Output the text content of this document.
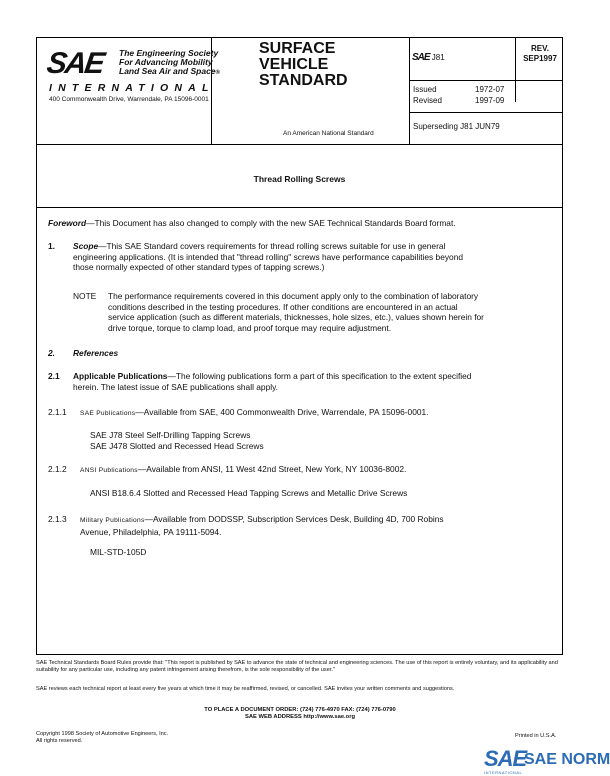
SAE The Engineering Society
For Advancing Mobility
Land Sea Air and Space®
INTERNATIONAL
400 Commonwealth Drive, Warrendale, PA 15096-0001
SURFACE
VEHICLE
STANDARD
An American National Standard
SAE J81
REV.
SEP1997
Issued	1972-07
Revised	1997-09
Superseding J81 JUN79
Thread Rolling Screws
Foreword—This Document has also changed to comply with the new SAE Technical Standards Board format.
1. Scope—This SAE Standard covers requirements for thread rolling screws suitable for use in general
engineering applications. (It is intended that "thread rolling" screws have performance capabilities beyond
those normally expected of other standard types of tapping screws.)
NOTE The performance requirements covered in this document apply only to the combination of laboratory
conditions described in the testing procedures. If other conditions are encountered in an actual
service application (such as different materials, thicknesses, hole sizes, etc.), values shown herein for
drive torque, torque to clamp load, and proof torque may require adjustment.
2. References
2.1 Applicable Publications—The following publications form a part of this specification to the extent specified
herein. The latest issue of SAE publications shall apply.
2.1.1 SAE Publications—Available from SAE, 400 Commonwealth Drive, Warrendale, PA 15096-0001.
SAE J78 Steel Self-Drilling Tapping Screws
SAE J478 Slotted and Recessed Head Screws
2.1.2 ANSI Publications—Available from ANSI, 11 West 42nd Street, New York, NY 10036-8002.
ANSI B18.6.4 Slotted and Recessed Head Tapping Screws and Metallic Drive Screws
2.1.3 Military Publications—Available from DODSSP, Subscription Services Desk, Building 4D, 700 Robins
Avenue, Philadelphia, PA 19111-5094.
MIL-STD-105D
SAE Technical Standards Board Rules provide that: "This report is published by SAE to advance the state of technical and engineering sciences. The use of this report is entirely voluntary, and its applicability and suitability for any particular use, including any patent infringement arising therefrom, is the sole responsibility of the user."
SAE reviews each technical report at least every five years at which time it may be reaffirmed, revised, or cancelled. SAE invites your written comments and suggestions.
TO PLACE A DOCUMENT ORDER: (724) 776-4970 FAX: (724) 776-0790
SAE WEB ADDRESS http://www.sae.org
Copyright 1998 Society of Automotive Engineers, Inc.
All rights reserved.
Printed in U.S.A.
SAE
SAE NORM
INTERNATIONAL
